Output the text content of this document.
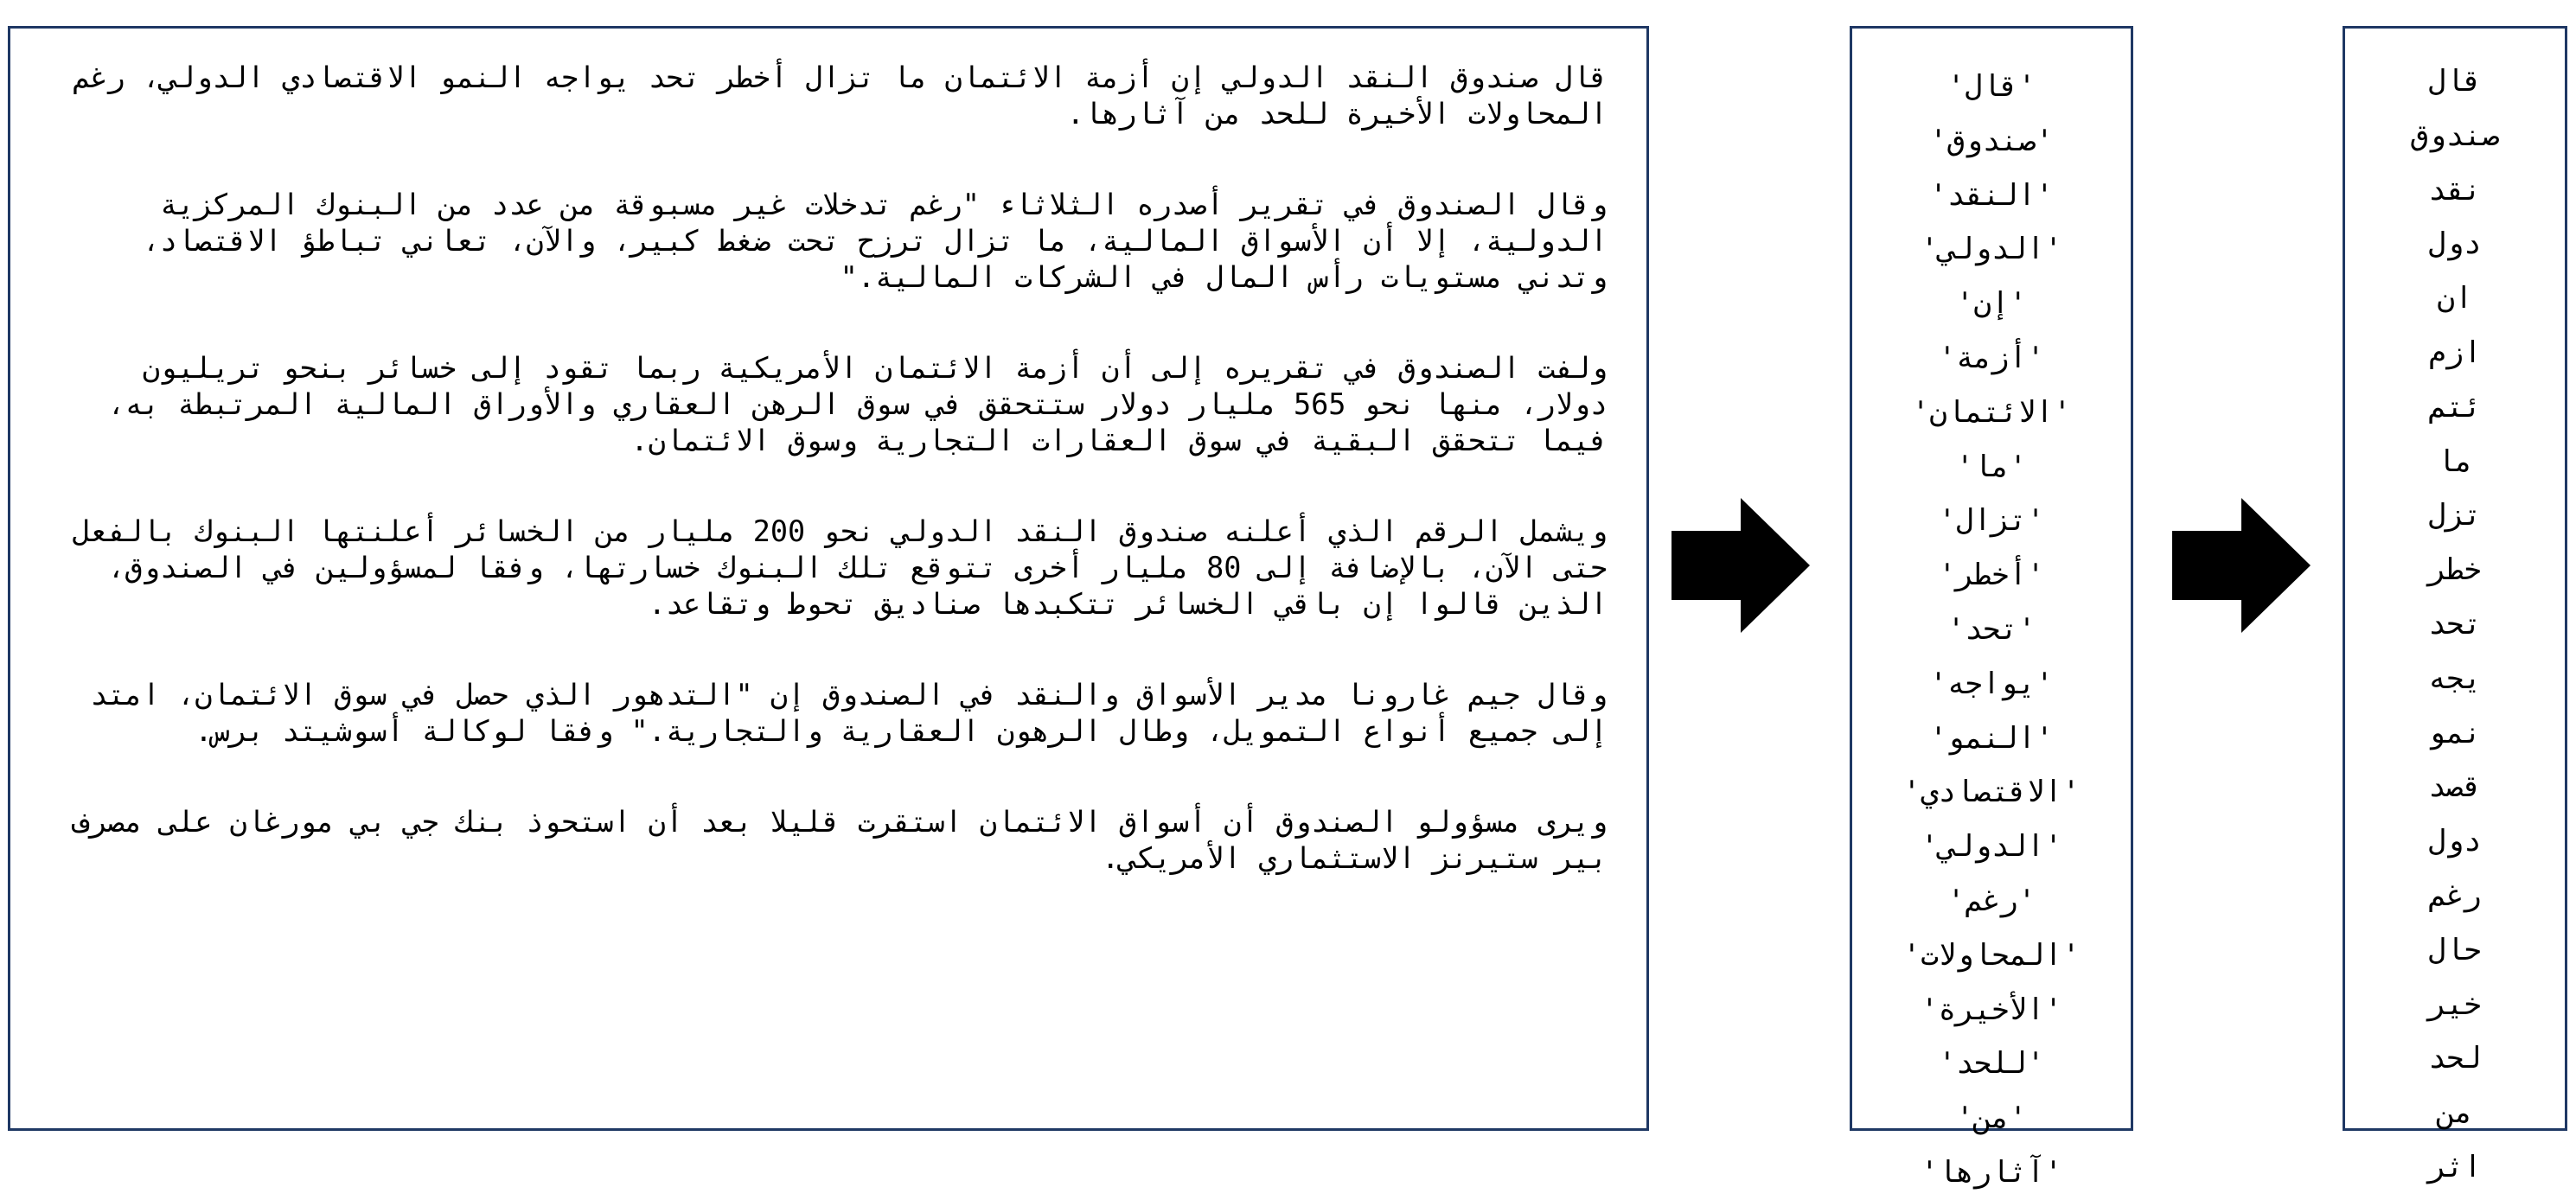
قال صندوق النقد الدولي إن أزمة الائتمان ما تزال أخطر تحد يواجه النمو الاقتصادي الدولي، رغم المحاولات الأخيرة للحد من آثارها.

وقال الصندوق في تقرير أصدره الثلاثاء "رغم تدخلات غير مسبوقة من عدد من البنوك المركزية الدولية، إلا أن الأسواق المالية، ما تزال ترزح تحت ضغط كبير، والآن، تعاني تباطؤ الاقتصاد، وتدني مستويات رأس المال في الشركات المالية."

ولفت الصندوق في تقريره إلى أن أزمة الائتمان الأمريكية ربما تقود إلى خسائر بنحو تريليون دولار، منها نحو 565 مليار دولار ستتحقق في سوق الرهن العقاري والأوراق المالية المرتبطة به، فيما تتحقق البقية في سوق العقارات التجارية وسوق الائتمان.

ويشمل الرقم الذي أعلنه صندوق النقد الدولي نحو 200 مليار من الخسائر أعلنتها البنوك بالفعل حتى الآن، بالإضافة إلى 80 مليار أخرى تتوقع تلك البنوك خسارتها، وفقا لمسؤولين في الصندوق، الذين قالوا إن باقي الخسائر تتكبدها صناديق تحوط وتقاعد.

وقال جيم غارونا مدير الأسواق والنقد في الصندوق إن "التدهور الذي حصل في سوق الائتمان، امتد إلى جميع أنواع التمويل، وطال الرهون العقارية والتجارية." وفقا لوكالة أسوشيتد برس.

ويرى مسؤولو الصندوق أن أسواق الائتمان استقرت قليلا بعد أن استحوذ بنك جي بي مورغان على مصرف بير ستيرنز الاستثماري الأمريكي.

'قال'
'صندوق'
'النقد'
'الدولي'
'إن'
'أزمة'
'الائتمان'
'ما'
'تزال'
'أخطر'
'تحد'
'يواجه'
'النمو'
'الاقتصادي'
'الدولي'
'رغم'
'المحاولات'
'الأخيرة'
'للحد'
'من'
'آثارها'
قال
صندوق
نقد
دول
ان
ازم
ئتم
ما
تزل
خطر
تحد
يجه
نمو
قصد
دول
رغم
حال
خير
لحد
من
اثر
